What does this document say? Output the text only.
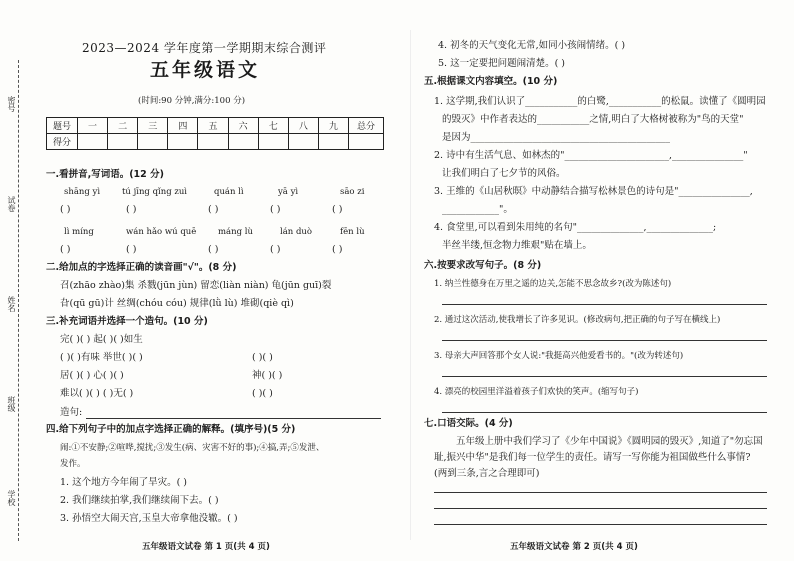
密号
试卷
姓名
班级
学校
2023—2024 学年度第一学期期末综合测评
五年级语文
(时间:90 分钟,满分:100 分)
题号	一	二	三	四	五	六	七	八	九	总分
得分										
一.看拼音,写词语。(12 分)
shāng yì	tú jīng qǐng zuì	quán lì	yā yì	sāo zi
( )	( )	( )	( )	( )
lì míng	wán hǎo wú quē	máng lù	lán duò	fēn lù
( )	( )	( )	( )	( )
二.给加点的字选择正确的读音画"√"。(8 分)
召(zhāo zhào)集 杀戮(jūn jùn) 留恋(liàn niàn) 龟(jūn guī)裂
旮(qū gū)计 丝绸(chóu cóu) 规律(lǜ lù) 堆砌(qiè qì)
三.补充词语并选择一个造句。(10 分)
完( )( ) 起( )( )如生
( )( )有味 举世( )( )	( )( )
居( )( ) 心( )( )	神( )( )
难以( )( ) ( )无( )	( )( )
造句:
四.给下列句子中的加点字选择正确的解释。(填序号)(5 分)
闹:①不安静;②喧哗,搅扰;③发生(病、灾害不好的事);④搞,弄;⑤发泄、
发作。
1. 这个地方今年闹了旱灾。( )
2. 我们继续拍掌,我们继续闹下去。( )
3. 孙悟空大闹天宫,玉皇大帝拿他没辙。( )
五年级语文试卷 第 1 页(共 4 页)
4. 初冬的天气变化无常,如同小孩闹情绪。( )
5. 这一定要把问题闹清楚。( )
五.根据课文内容填空。(10 分)
1. 这学期,我们认识了___________的白鹭,___________的松鼠。读懂了《圆明园
的毁灭》中作者表达的___________之情,明白了大格树被称为"鸟的天堂"
是因为__________________________________________
2. 诗中有生活气息、如林杰的"______________________,_______________"
让我们明白了七夕节的风俗。
3. 王维的《山居秋暝》中动静结合描写松林景色的诗句是"_______________,
____________"。
4. 食堂里,可以看到朱用纯的名句"______________,______________;
半丝半缕,恒念物力维艰"贴在墙上。
六.按要求改写句子。(8 分)
1. 纳兰性德身在万里之遥的边关,怎能不思念故乡?(改为陈述句)
2. 通过这次活动,使我增长了许多见识。(修改病句,把正确的句子写在横线上)
3. 母亲大声回答那个女人说:"我挺高兴他爱看书的。"(改为转述句)
4. 漂亮的校园里洋溢着孩子们欢快的笑声。(缩写句子)
七.口语交际。(4 分)
五年级上册中我们学习了《少年中国说》《圆明园的毁灭》,知道了"勿忘国
耻,振兴中华"是我们每一位学生的责任。请写一写你能为祖国做些什么事情?
(两到三条,言之合理即可)
五年级语文试卷 第 2 页(共 4 页)
